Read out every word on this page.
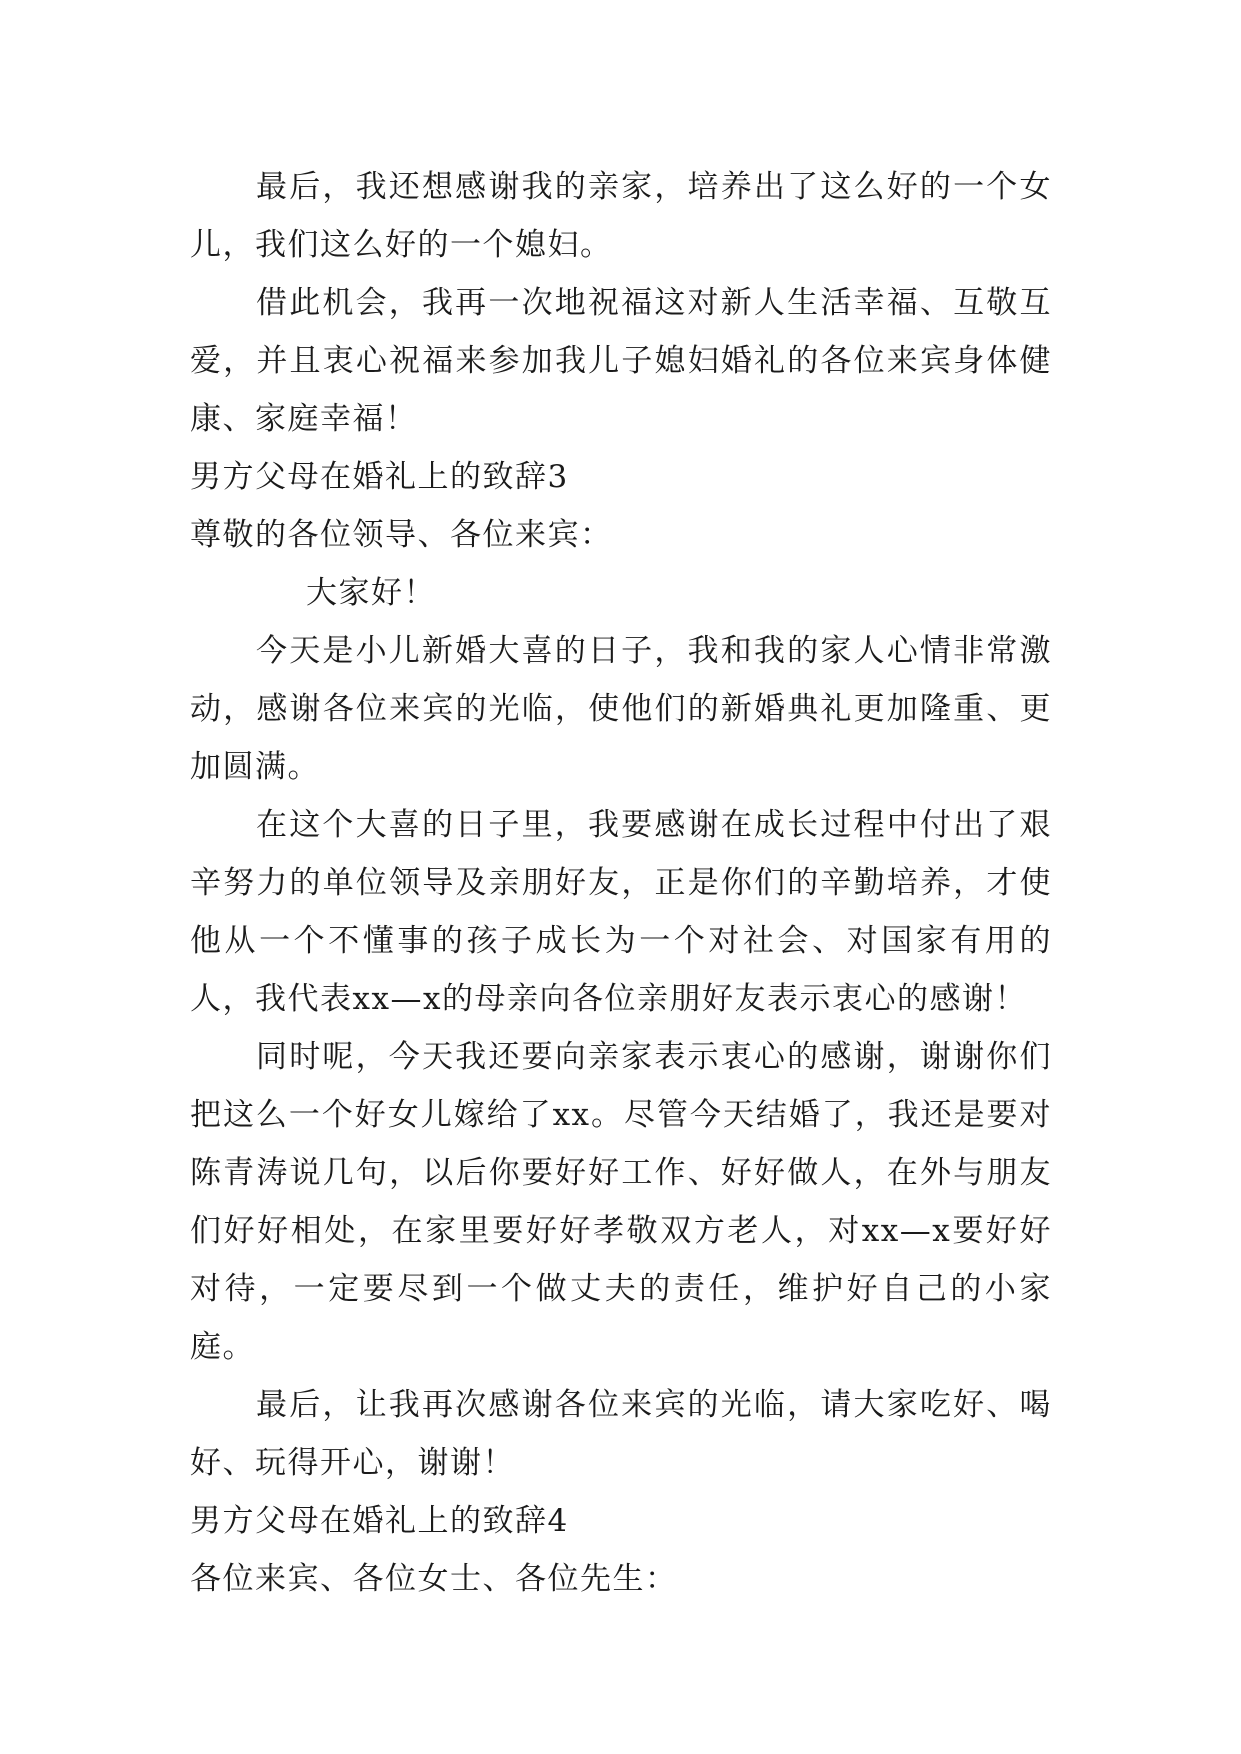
最后，我还想感谢我的亲家，培养出了这么好的一个女儿，我们这么好的一个媳妇。

借此机会，我再一次地祝福这对新人生活幸福、互敬互爱，并且衷心祝福来参加我儿子媳妇婚礼的各位来宾身体健康、家庭幸福！

男方父母在婚礼上的致辞3

尊敬的各位领导、各位来宾：

大家好！

今天是小儿新婚大喜的日子，我和我的家人心情非常激动，感谢各位来宾的光临，使他们的新婚典礼更加隆重、更加圆满。

在这个大喜的日子里，我要感谢在成长过程中付出了艰辛努力的单位领导及亲朋好友，正是你们的辛勤培养，才使他从一个不懂事的孩子成长为一个对社会、对国家有用的人，我代表xx—x的母亲向各位亲朋好友表示衷心的感谢！

同时呢，今天我还要向亲家表示衷心的感谢，谢谢你们把这么一个好女儿嫁给了xx。尽管今天结婚了，我还是要对陈青涛说几句，以后你要好好工作、好好做人，在外与朋友们好好相处，在家里要好好孝敬双方老人，对xx—x要好好对待，一定要尽到一个做丈夫的责任，维护好自己的小家庭。

最后，让我再次感谢各位来宾的光临，请大家吃好、喝好、玩得开心，谢谢！

男方父母在婚礼上的致辞4

各位来宾、各位女士、各位先生：
